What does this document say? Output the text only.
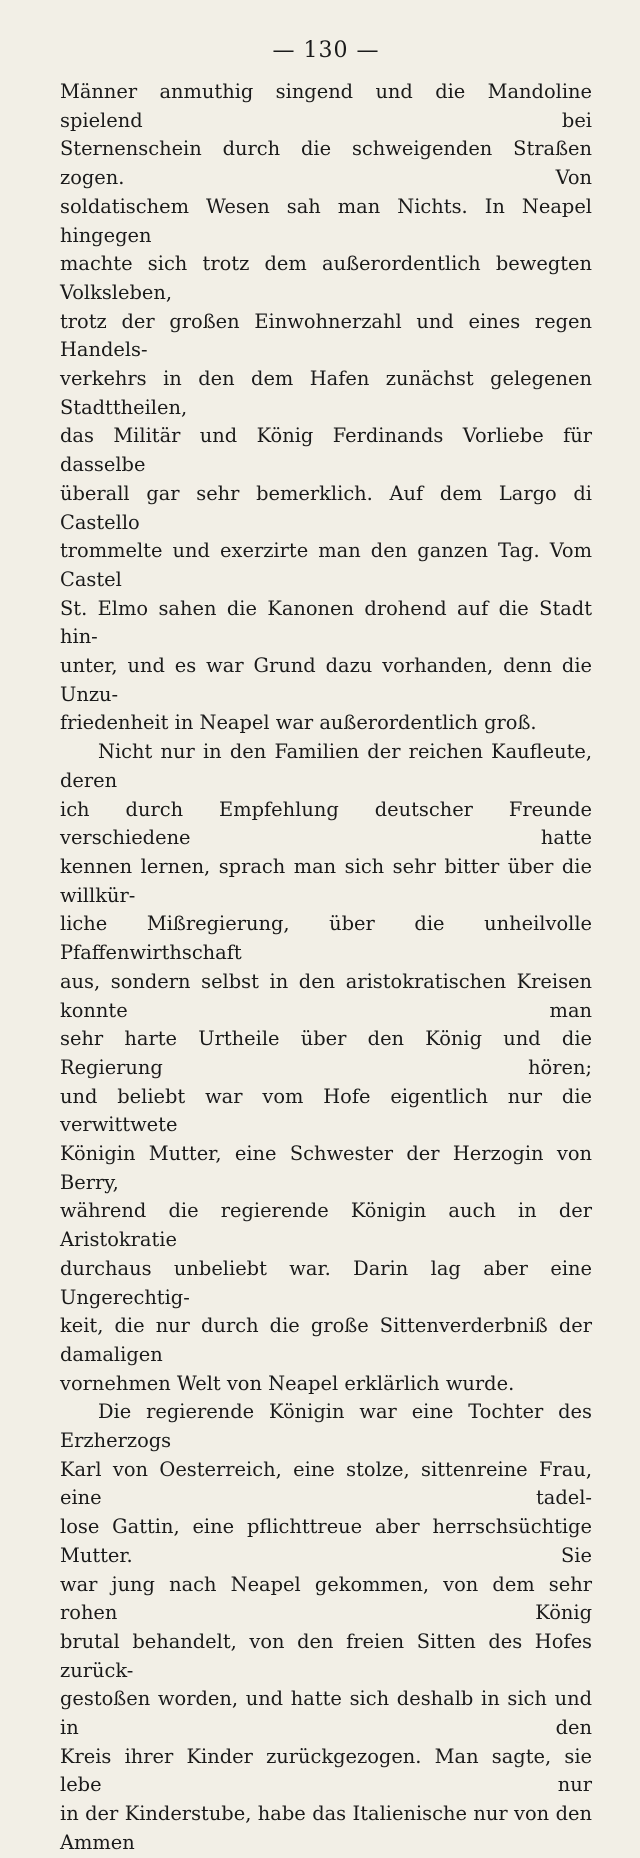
— 130 —

Männer anmuthig singend und die Mandoline spielend bei

Sternenschein durch die schweigenden Straßen zogen. Von

soldatischem Wesen sah man Nichts. In Neapel hingegen

machte sich trotz dem außerordentlich bewegten Volksleben,

trotz der großen Einwohnerzahl und eines regen Handels-

verkehrs in den dem Hafen zunächst gelegenen Stadttheilen,

das Militär und König Ferdinands Vorliebe für dasselbe

überall gar sehr bemerklich. Auf dem Largo di Castello

trommelte und exerzirte man den ganzen Tag. Vom Castel

St. Elmo sahen die Kanonen drohend auf die Stadt hin-

unter, und es war Grund dazu vorhanden, denn die Unzu-

friedenheit in Neapel war außerordentlich groß.

Nicht nur in den Familien der reichen Kaufleute, deren

ich durch Empfehlung deutscher Freunde verschiedene hatte

kennen lernen, sprach man sich sehr bitter über die willkür-

liche Mißregierung, über die unheilvolle Pfaffenwirthschaft

aus, sondern selbst in den aristokratischen Kreisen konnte man

sehr harte Urtheile über den König und die Regierung hören;

und beliebt war vom Hofe eigentlich nur die verwittwete

Königin Mutter, eine Schwester der Herzogin von Berry,

während die regierende Königin auch in der Aristokratie

durchaus unbeliebt war. Darin lag aber eine Ungerechtig-

keit, die nur durch die große Sittenverderbniß der damaligen

vornehmen Welt von Neapel erklärlich wurde.

Die regierende Königin war eine Tochter des Erzherzogs

Karl von Oesterreich, eine stolze, sittenreine Frau, eine tadel-

lose Gattin, eine pflichttreue aber herrschsüchtige Mutter. Sie

war jung nach Neapel gekommen, von dem sehr rohen König

brutal behandelt, von den freien Sitten des Hofes zurück-

gestoßen worden, und hatte sich deshalb in sich und in den

Kreis ihrer Kinder zurückgezogen. Man sagte, sie lebe nur

in der Kinderstube, habe das Italienische nur von den Ammen
